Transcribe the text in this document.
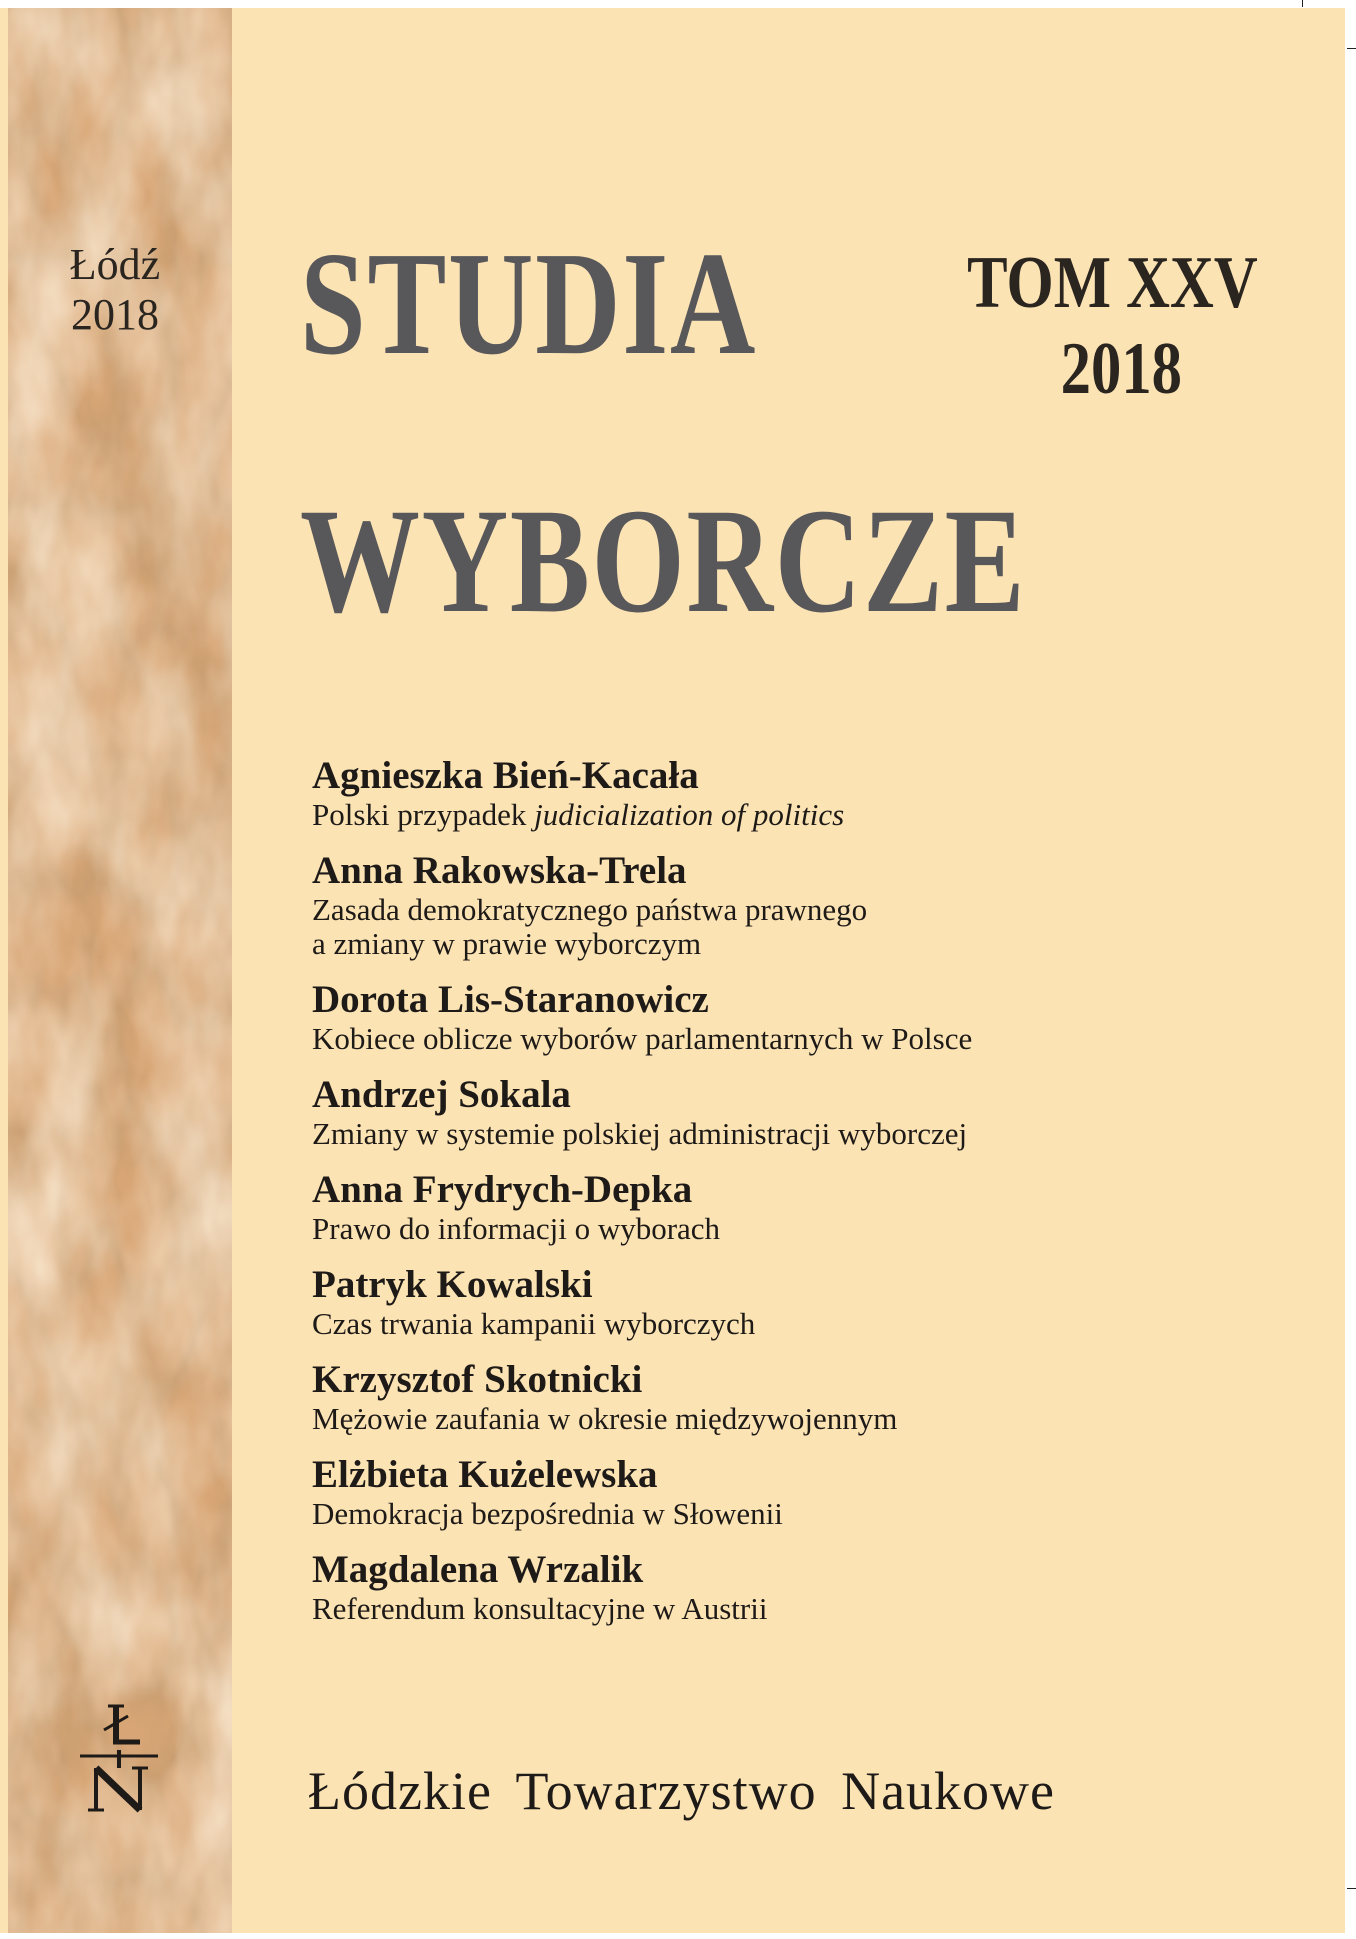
Łódź
2018 STUDIA
WYBORCZE
TOM XXV
2018
Agnieszka Bień-Kacała
Polski przypadek judicialization of politics
Anna Rakowska-Trela
Zasada demokratycznego państwa prawnego
a zmiany w prawie wyborczym
Dorota Lis-Staranowicz
Kobiece oblicze wyborów parlamentarnych w Polsce
Andrzej Sokala
Zmiany w systemie polskiej administracji wyborczej
Anna Frydrych-Depka
Prawo do informacji o wyborach
Patryk Kowalski
Czas trwania kampanii wyborczych
Krzysztof Skotnicki
Mężowie zaufania w okresie międzywojennym
Elżbieta Kużelewska
Demokracja bezpośrednia w Słowenii
Magdalena Wrzalik
Referendum konsultacyjne w Austrii
Łódzkie Towarzystwo Naukowe
